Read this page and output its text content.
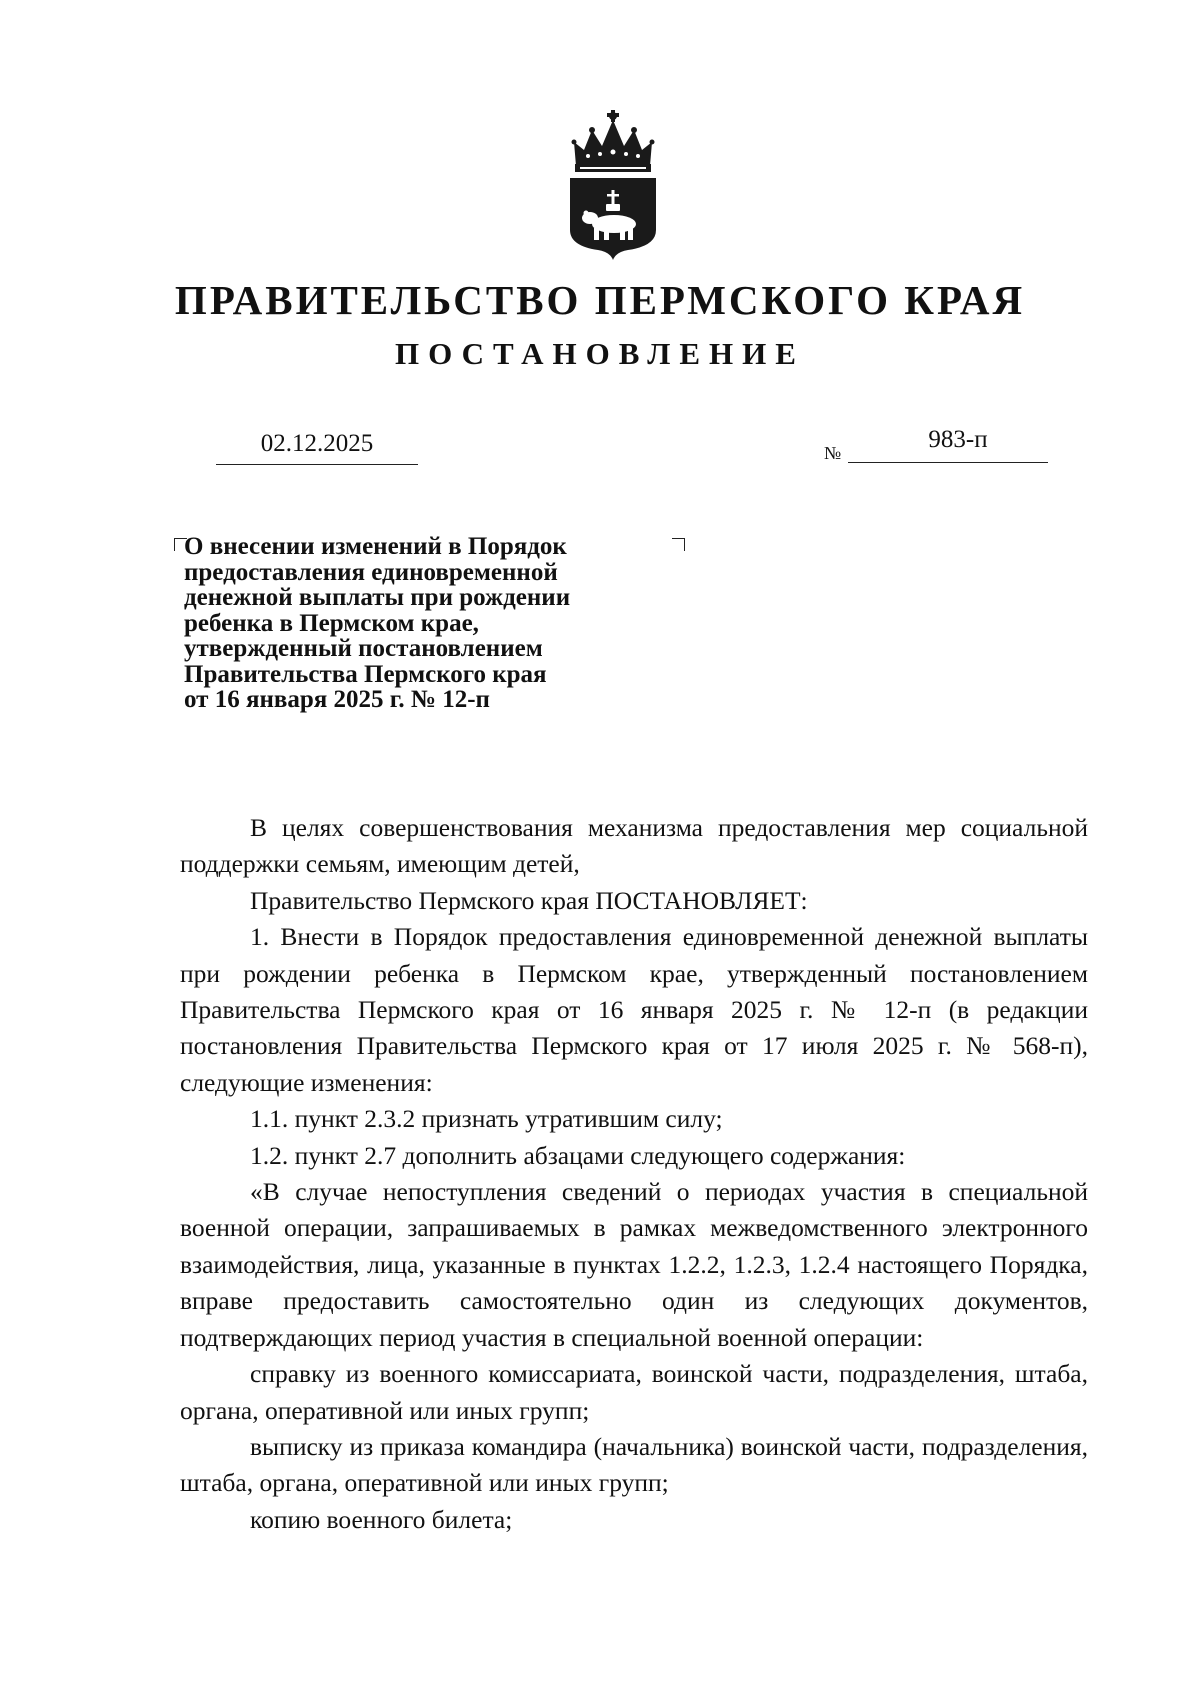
ПРАВИТЕЛЬСТВО ПЕРМСКОГО КРАЯ
ПОСТАНОВЛЕНИЕ
02.12.2025	№	983-п
О внесении изменений в Порядок
предоставления единовременной
денежной выплаты при рождении
ребенка в Пермском крае,
утвержденный постановлением
Правительства Пермского края
от 16 января 2025 г. № 12-п

В целях совершенствования механизма предоставления мер социальной поддержки семьям, имеющим детей,

Правительство Пермского края ПОСТАНОВЛЯЕТ:

1. Внести в Порядок предоставления единовременной денежной выплаты при рождении ребенка в Пермском крае, утвержденный постановлением Правительства Пермского края от 16 января 2025 г. № 12-п (в редакции постановления Правительства Пермского края от 17 июля 2025 г. № 568-п), следующие изменения:

1.1. пункт 2.3.2 признать утратившим силу;

1.2. пункт 2.7 дополнить абзацами следующего содержания:

«В случае непоступления сведений о периодах участия в специальной военной операции, запрашиваемых в рамках межведомственного электронного взаимодействия, лица, указанные в пунктах 1.2.2, 1.2.3, 1.2.4 настоящего Порядка, вправе предоставить самостоятельно один из следующих документов, подтверждающих период участия в специальной военной операции:

справку из военного комиссариата, воинской части, подразделения, штаба, органа, оперативной или иных групп;

выписку из приказа командира (начальника) воинской части, подразделения, штаба, органа, оперативной или иных групп;

копию военного билета;
